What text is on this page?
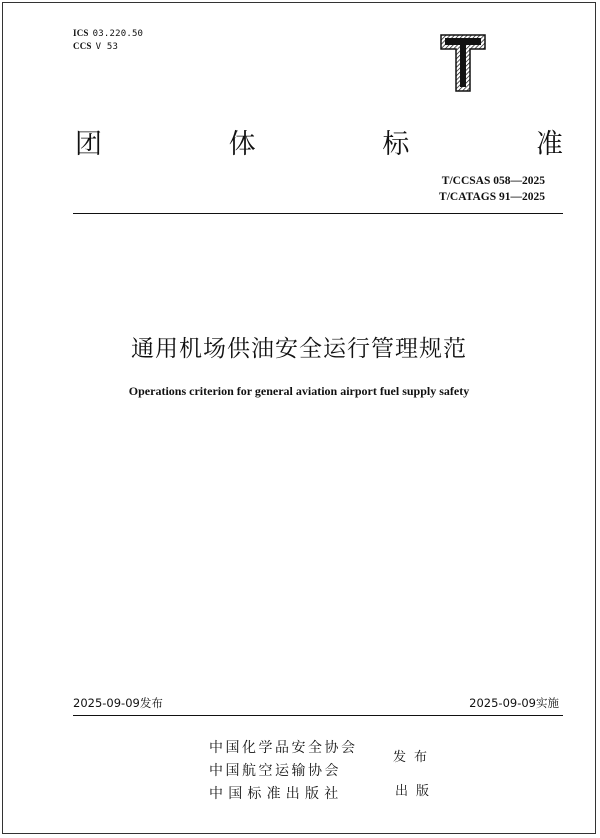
ICS 03.220.50
CCS V 53
团	体	标	准
T/CCSAS 058—2025
T/CATAGS 91—2025
通用机场供油安全运行管理规范
Operations criterion for general aviation airport fuel supply safety
2025-09-09发布	2025-09-09实施
中国化学品安全协会
中国航空运输协会
中国标准出版社
发布
出版
